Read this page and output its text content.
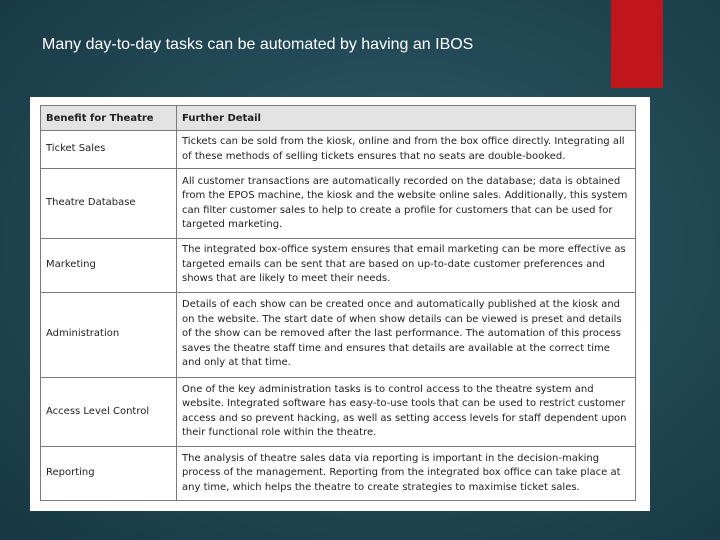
Many day-to-day tasks can be automated by having an IBOS
Benefit for Theatre	Further Detail
Ticket Sales	Tickets can be sold from the kiosk, online and from the box office directly. Integrating all of these methods of selling tickets ensures that no seats are double-booked.
Theatre Database	All customer transactions are automatically recorded on the database; data is obtained from the EPOS machine, the kiosk and the website online sales. Additionally, this system can filter customer sales to help to create a profile for customers that can be used for targeted marketing.
Marketing	The integrated box-office system ensures that email marketing can be more effective as targeted emails can be sent that are based on up-to-date customer preferences and shows that are likely to meet their needs.
Administration	Details of each show can be created once and automatically published at the kiosk and on the website. The start date of when show details can be viewed is preset and details of the show can be removed after the last performance. The automation of this process saves the theatre staff time and ensures that details are available at the correct time and only at that time.
Access Level Control	One of the key administration tasks is to control access to the theatre system and website. Integrated software has easy-to-use tools that can be used to restrict customer access and so prevent hacking, as well as setting access levels for staff dependent upon their functional role within the theatre.
Reporting	The analysis of theatre sales data via reporting is important in the decision-making process of the management. Reporting from the integrated box office can take place at any time, which helps the theatre to create strategies to maximise ticket sales.
